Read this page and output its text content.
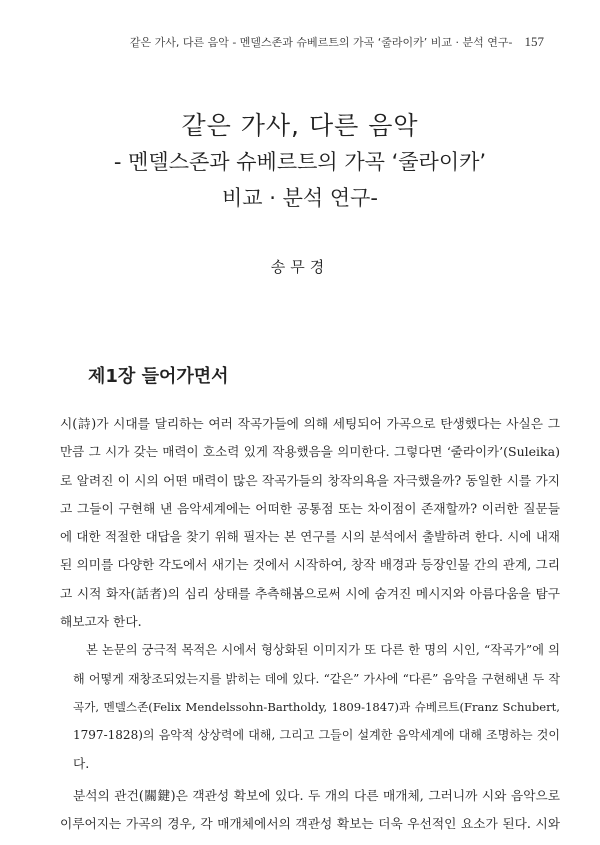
같은 가사, 다른 음악 - 멘델스존과 슈베르트의 가곡 ‘줄라이카’ 비교 · 분석 연구- 157
같은 가사, 다른 음악

- 멘델스존과 슈베르트의 가곡 ‘줄라이카’

비교 · 분석 연구-

송무경
제1장 들어가면서

시(詩)가 시대를 달리하는 여러 작곡가들에 의해 세팅되어 가곡으로 탄생했다는 사실은 그
만큼 그 시가 갖는 매력이 호소력 있게 작용했음을 의미한다. 그렇다면 ‘줄라이카’(Suleika)
로 알려진 이 시의 어떤 매력이 많은 작곡가들의 창작의욕을 자극했을까? 동일한 시를 가지
고 그들이 구현해 낸 음악세계에는 어떠한 공통점 또는 차이점이 존재할까? 이러한 질문들
에 대한 적절한 대답을 찾기 위해 필자는 본 연구를 시의 분석에서 출발하려 한다. 시에 내재
된 의미를 다양한 각도에서 새기는 것에서 시작하여, 창작 배경과 등장인물 간의 관계, 그리
고 시적 화자(話者)의 심리 상태를 추측해봄으로써 시에 숨겨진 메시지와 아름다움을 탐구
해보고자 한다.

본 논문의 궁극적 목적은 시에서 형상화된 이미지가 또 다른 한 명의 시인, “작곡가”에 의
해 어떻게 재창조되었는지를 밝히는 데에 있다. “같은” 가사에 “다른” 음악을 구현해낸 두 작
곡가, 멘델스존(Felix Mendelssohn-Bartholdy, 1809-1847)과 슈베르트(Franz Schubert,
1797-1828)의 음악적 상상력에 대해, 그리고 그들이 설계한 음악세계에 대해 조명하는 것이
다.

분석의 관건(關鍵)은 객관성 확보에 있다. 두 개의 다른 매개체, 그러니까 시와 음악으로
이루어지는 가곡의 경우, 각 매개체에서의 객관성 확보는 더욱 우선적인 요소가 된다. 시와
